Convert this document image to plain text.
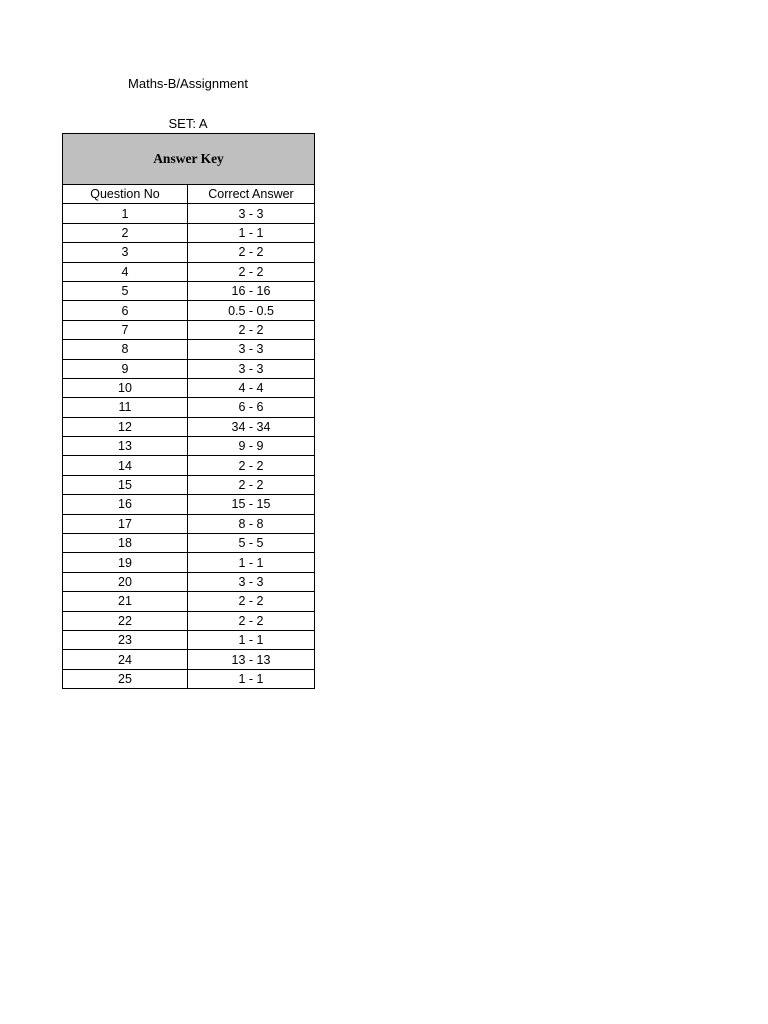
Maths-B/Assignment
SET: A
Answer Key	
Question No	Correct Answer
1	3 - 3
2	1 - 1
3	2 - 2
4	2 - 2
5	16 - 16
6	0.5 - 0.5
7	2 - 2
8	3 - 3
9	3 - 3
10	4 - 4
11	6 - 6
12	34 - 34
13	9 - 9
14	2 - 2
15	2 - 2
16	15 - 15
17	8 - 8
18	5 - 5
19	1 - 1
20	3 - 3
21	2 - 2
22	2 - 2
23	1 - 1
24	13 - 13
25	1 - 1
